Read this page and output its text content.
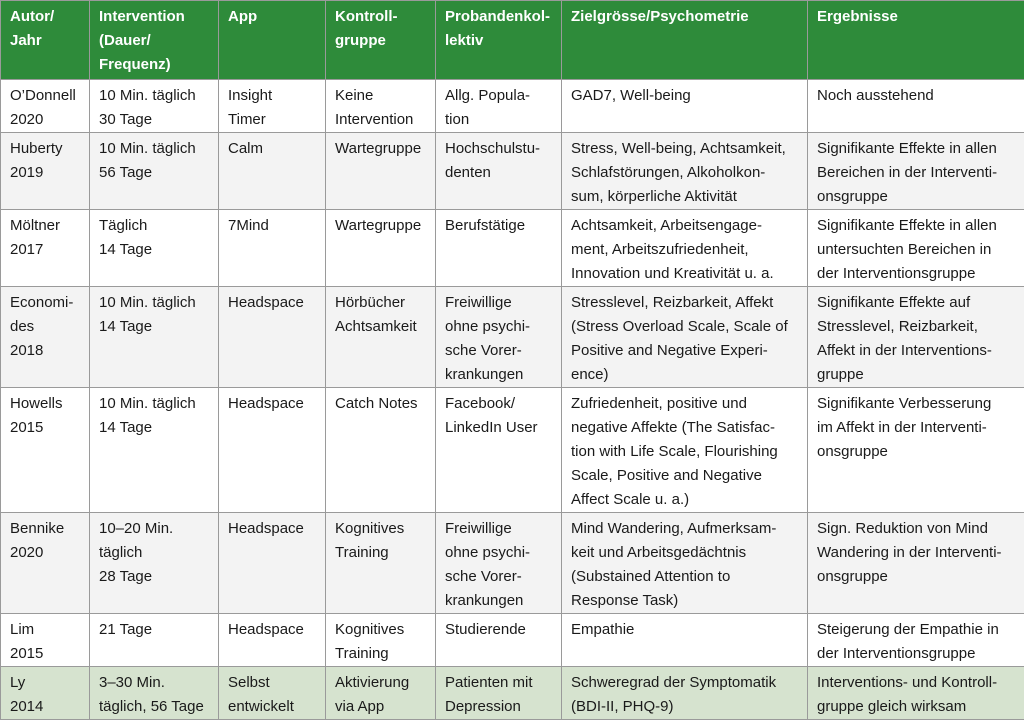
Autor/
Jahr	Intervention
(Dauer/
Frequenz)	App	Kontroll-
gruppe	Probandenkol-
lektiv	Zielgrösse/Psychometrie	Ergebnisse

O’Donnell
2020	10 Min. täglich
30 Tage	Insight
Timer	Keine
Intervention	Allg. Popula-
tion	GAD7, Well-being	Noch ausstehend

Huberty
2019	10 Min. täglich
56 Tage	Calm	Wartegruppe	Hochschulstu-
denten	Stress, Well-being, Achtsamkeit,
Schlafstörungen, Alkoholkon-
sum, körperliche Aktivität	Signifikante Effekte in allen
Bereichen in der Interventi-
onsgruppe

Möltner
2017	Täglich
14 Tage	7Mind	Wartegruppe	Berufstätige	Achtsamkeit, Arbeitsengage-
ment, Arbeitszufriedenheit,
Innovation und Kreativität u. a.	Signifikante Effekte in allen
untersuchten Bereichen in
der Interventionsgruppe

Economi-
des
2018	10 Min. täglich
14 Tage	Headspace	Hörbücher
Achtsamkeit	Freiwillige
ohne psychi-
sche Vorer-
krankungen	Stresslevel, Reizbarkeit, Affekt
(Stress Overload Scale, Scale of
Positive and Negative Experi-
ence)	Signifikante Effekte auf
Stresslevel, Reizbarkeit,
Affekt in der Interventions-
gruppe

Howells
2015	10 Min. täglich
14 Tage	Headspace	Catch Notes	Facebook/
LinkedIn User	Zufriedenheit, positive und
negative Affekte (The Satisfac-
tion with Life Scale, Flourishing
Scale, Positive and Negative
Affect Scale u. a.)	Signifikante Verbesserung
im Affekt in der Interventi-
onsgruppe

Bennike
2020	10–20 Min.
täglich
28 Tage	Headspace	Kognitives
Training	Freiwillige
ohne psychi-
sche Vorer-
krankungen	Mind Wandering, Aufmerksam-
keit und Arbeitsgedächtnis
(Substained Attention to
Response Task)	Sign. Reduktion von Mind
Wandering in der Interventi-
onsgruppe

Lim
2015	21 Tage	Headspace	Kognitives
Training	Studierende	Empathie	Steigerung der Empathie in
der Interventionsgruppe

Ly
2014	3–30 Min.
täglich, 56 Tage	Selbst
entwickelt	Aktivierung
via App	Patienten mit
Depression	Schweregrad der Symptomatik
(BDI-II, PHQ-9)	Interventions- und Kontroll-
gruppe gleich wirksam
